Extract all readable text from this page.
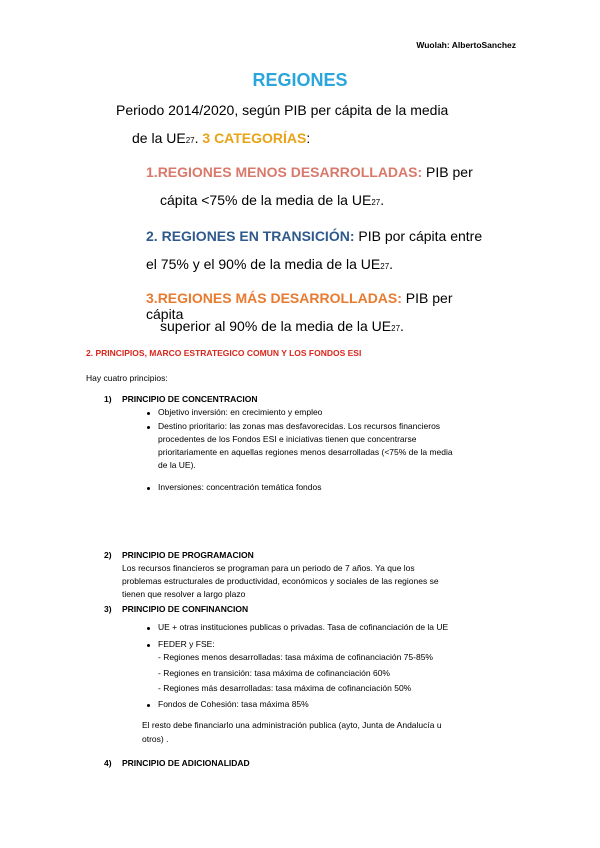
Wuolah: AlbertoSanchez
REGIONES
Periodo 2014/2020, según PIB per cápita de la media
de la UE27. 3 CATEGORÍAS:
1.REGIONES MENOS DESARROLLADAS: PIB per
cápita <75% de la media de la UE27.
2. REGIONES EN TRANSICIÓN: PIB por cápita entre
el 75% y el 90% de la media de la UE27.
3.REGIONES MÁS DESARROLLADAS: PIB per cápita
superior al 90% de la media de la UE27.
2. PRINCIPIOS, MARCO ESTRATEGICO COMUN Y LOS FONDOS ESI
Hay cuatro principios:
1) PRINCIPIO DE CONCENTRACION
Objetivo inversión: en crecimiento y empleo
Destino prioritario: las zonas mas desfavorecidas. Los recursos financieros
procedentes de los Fondos ESI e iniciativas tienen que concentrarse
prioritariamente en aquellas regiones menos desarrolladas (<75% de la media
de la UE).
Inversiones: concentración temática fondos
2) PRINCIPIO DE PROGRAMACION
Los recursos financieros se programan para un periodo de 7 años. Ya que los
problemas estructurales de productividad, económicos y sociales de las regiones se
tienen que resolver a largo plazo
3) PRINCIPIO DE CONFINANCION
UE + otras instituciones publicas o privadas. Tasa de cofinanciación de la UE
FEDER y FSE:
- Regiones menos desarrolladas: tasa máxima de cofinanciación 75-85%
- Regiones en transición: tasa máxima de cofinanciación 60%
- Regiones más desarrolladas: tasa máxima de cofinanciación 50%
Fondos de Cohesión: tasa máxima 85%
El resto debe financiarlo una administración publica (ayto, Junta de Andalucía u
otros) .
4) PRINCIPIO DE ADICIONALIDAD
